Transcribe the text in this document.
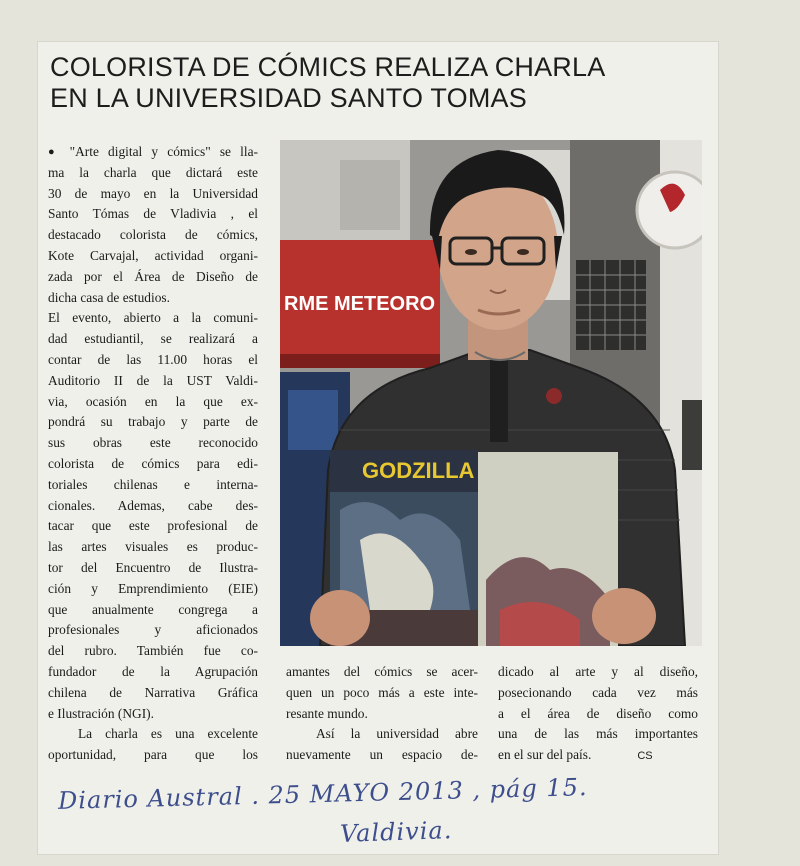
COLORISTA DE CÓMICS REALIZA CHARLA
EN LA UNIVERSIDAD SANTO TOMAS
● "Arte digital y cómics" se lla-
ma la charla que dictará este
30 de mayo en la Universidad
Santo Tómas de Vladivia , el
destacado colorista de cómics,
Kote Carvajal, actividad organi-
zada por el Área de Diseño de
dicha casa de estudios.
El evento, abierto a la comuni-
dad estudiantil, se realizará a
contar de las 11.00 horas el
Auditorio II de la UST Valdi-
via, ocasión en la que ex-
pondrá su trabajo y parte de
sus obras este reconocido
colorista de cómics para edi-
toriales chilenas e interna-
cionales. Ademas, cabe des-
tacar que este profesional de
las artes visuales es produc-
tor del Encuentro de Ilustra-
ción y Emprendimiento (EIE)
que anualmente congrega a
profesionales y aficionados
del rubro. También fue co-
fundador de la Agrupación
chilena de Narrativa Gráfica
e Ilustración (NGI).
La charla es una excelente
oportunidad, para que los
amantes del cómics se acer-
quen un poco más a este inte-
resante mundo.
Así la universidad abre
nuevamente un espacio de-
dicado al arte y al diseño,
posecionando cada vez más
a el área de diseño como
una de las más importantes
en el sur del país.	CS
RME METEORO
GODZILLA
Diario Austral . 25 MAYO 2013 , pág 15.
Valdivia.
